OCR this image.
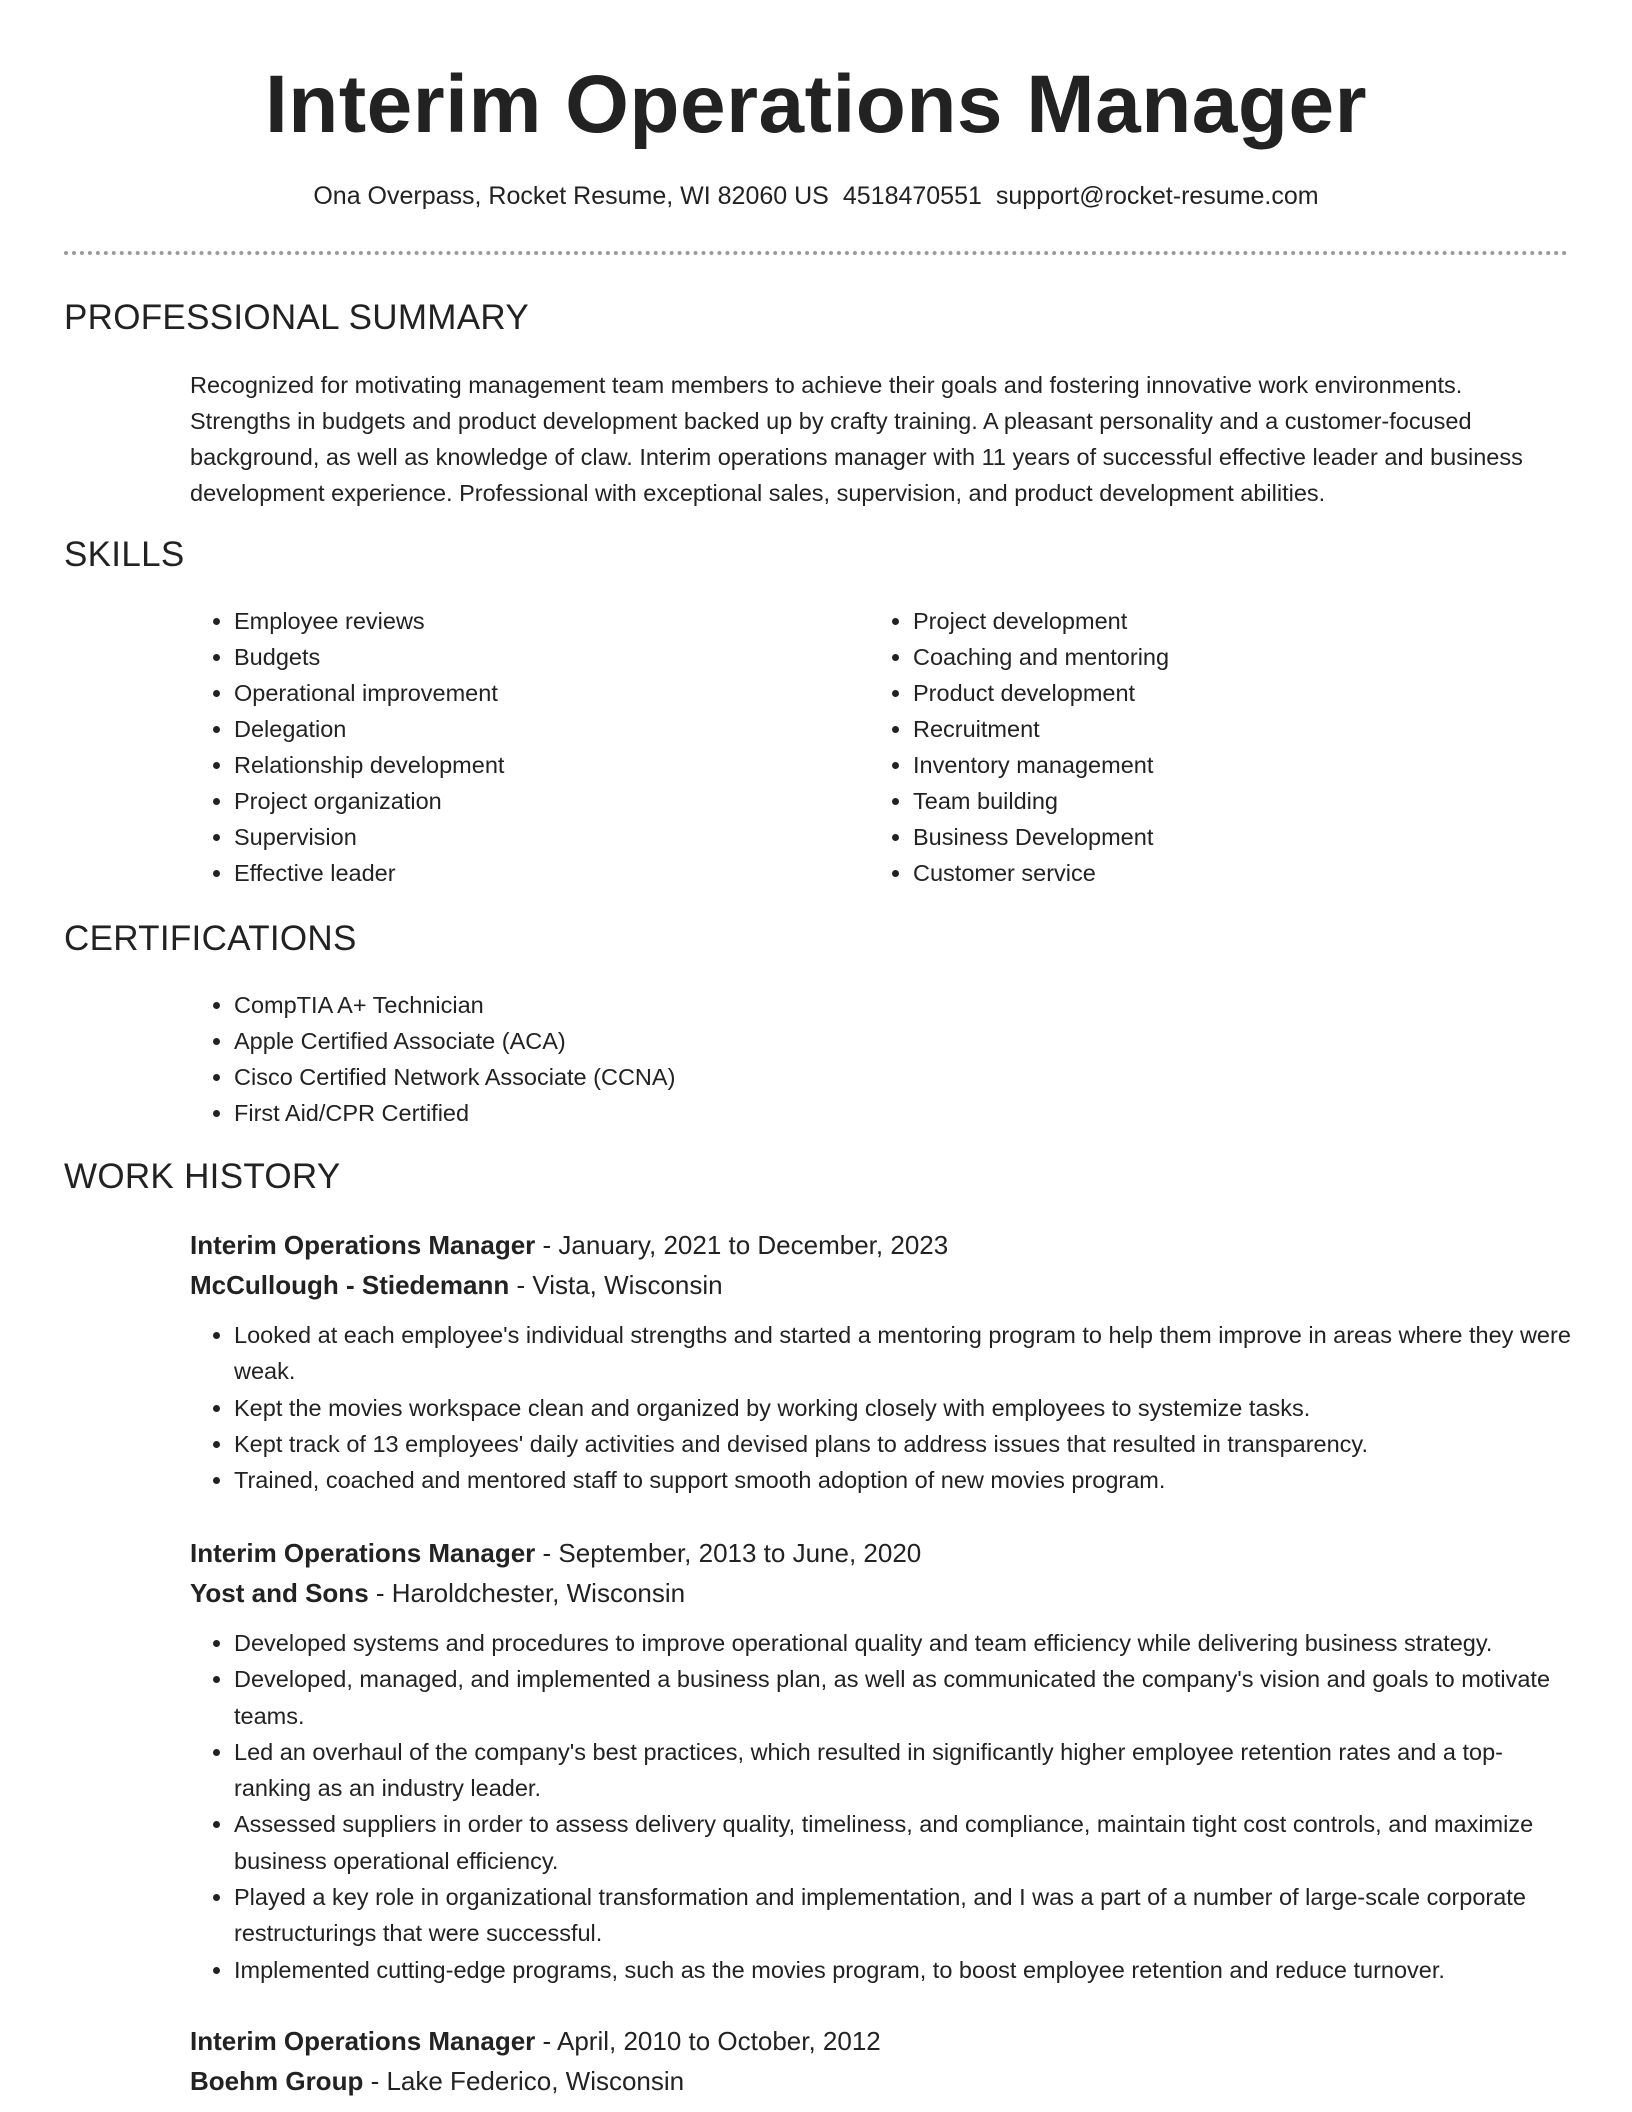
Interim Operations Manager
Ona Overpass, Rocket Resume, WI 82060 US 4518470551 support@rocket-resume.com
PROFESSIONAL SUMMARY

Recognized for motivating management team members to achieve their goals and fostering innovative work environments. Strengths in budgets and product development backed up by crafty training. A pleasant personality and a customer-focused background, as well as knowledge of claw. Interim operations manager with 11 years of successful effective leader and business development experience. Professional with exceptional sales, supervision, and product development abilities.

SKILLS
• Employee reviews
• Budgets
• Operational improvement
• Delegation
• Relationship development
• Project organization
• Supervision
• Effective leader
• Project development
• Coaching and mentoring
• Product development
• Recruitment
• Inventory management
• Team building
• Business Development
• Customer service
CERTIFICATIONS
• CompTIA A+ Technician
• Apple Certified Associate (ACA)
• Cisco Certified Network Associate (CCNA)
• First Aid/CPR Certified
WORK HISTORY
Interim Operations Manager - January, 2021 to December, 2023
McCullough - Stiedemann - Vista, Wisconsin
• Looked at each employee's individual strengths and started a mentoring program to help them improve in areas where they were weak.
• Kept the movies workspace clean and organized by working closely with employees to systemize tasks.
• Kept track of 13 employees' daily activities and devised plans to address issues that resulted in transparency.
• Trained, coached and mentored staff to support smooth adoption of new movies program.
Interim Operations Manager - September, 2013 to June, 2020
Yost and Sons - Haroldchester, Wisconsin
• Developed systems and procedures to improve operational quality and team efficiency while delivering business strategy.
• Developed, managed, and implemented a business plan, as well as communicated the company's vision and goals to motivate teams.
• Led an overhaul of the company's best practices, which resulted in significantly higher employee retention rates and a top-ranking as an industry leader.
• Assessed suppliers in order to assess delivery quality, timeliness, and compliance, maintain tight cost controls, and maximize business operational efficiency.
• Played a key role in organizational transformation and implementation, and I was a part of a number of large-scale corporate restructurings that were successful.
• Implemented cutting-edge programs, such as the movies program, to boost employee retention and reduce turnover.
Interim Operations Manager - April, 2010 to October, 2012
Boehm Group - Lake Federico, Wisconsin
